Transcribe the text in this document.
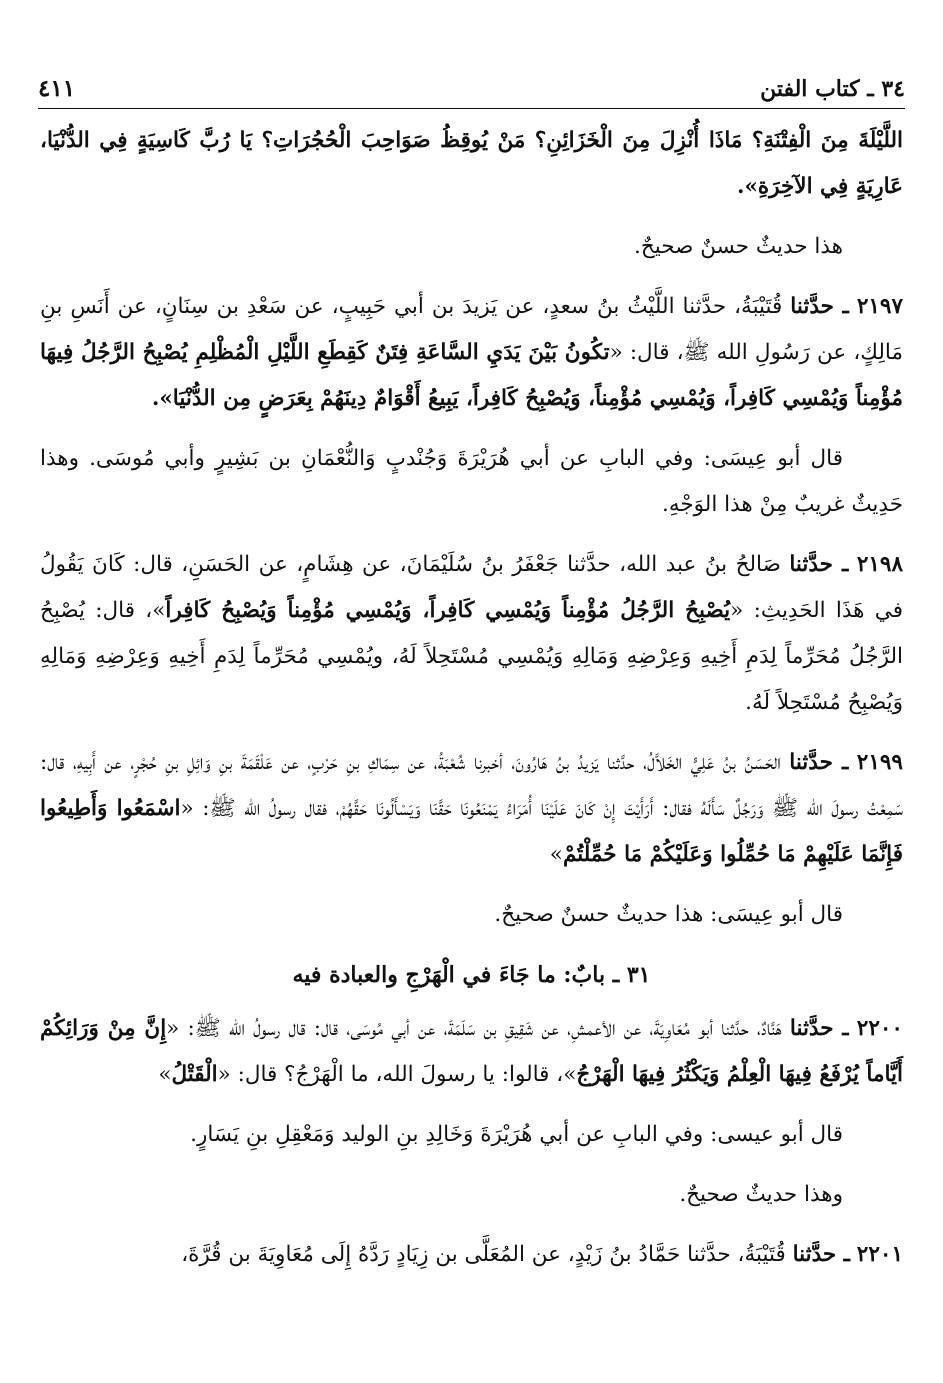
٣٤ ـ كتاب الفتن
٤١١

اللَّيْلَةَ مِنَ الْفِتْنَةِ؟ مَاذَا أُنْزِلَ مِنَ الْخَزَائِنِ؟ مَنْ يُوقِظُ صَوَاحِبَ الْحُجُرَاتِ؟ يَا رُبَّ كَاسِيَةٍ فِي الدُّنْيَا، عَارِيَةٍ فِي الآخِرَةِ».

هذا حديثٌ حسنٌ صحيحٌ.

٢١٩٧ ـ حدَّثنا قُتَيْبَةُ، حدَّثنا اللَّيْثُ بنُ سعدٍ، عن يَزيدَ بن أبي حَبِيبٍ، عن سَعْدِ بن سِنَانٍ، عن أَنَسِ بنِ مَالِكٍ، عن رَسُولِ الله ﷺ، قال: «تكُونُ بَيْنَ يَدَيِ السَّاعَةِ فِتَنٌ كَقِطَعِ اللَّيْلِ الْمُظْلِمِ يُصْبِحُ الرَّجُلُ فِيهَا مُؤْمِناً وَيُمْسِي كَافِراً، وَيُمْسِي مُؤْمِناً، وَيُصْبِحُ كَافِراً، يَبِيعُ أَقْوَامٌ دِينَهُمْ بِعَرَضٍ مِن الدُّنْيَا».

قال أبو عِيسَى: وفي البابِ عن أبي هُرَيْرَةَ وَجُنْدبٍ وَالنُّعْمَانِ بن بَشِيرٍ وأبي مُوسَى. وهذا حَدِيثٌ غريبٌ مِنْ هذا الوَجْهِ.

٢١٩٨ ـ حدَّثنا صَالحُ بنُ عبد الله، حدَّثنا جَعْفَرُ بنُ سُلَيْمَانَ، عن هِشَامٍ، عن الحَسَنِ، قال: كَانَ يَقُولُ في هَذَا الحَدِيثِ: «يُصْبِحُ الرَّجُلُ مُؤْمِناً وَيُمْسِي كَافِراً، وَيُمْسِي مُؤْمِناً وَيُصْبِحُ كَافِراً»، قال: يُصْبِحُ الرَّجُلُ مُحَرِّماً لِدَمِ أَخِيهِ وَعِرْضِهِ وَمَالِهِ وَيُمْسِي مُسْتَحِلاً لَهُ، ويُمْسِي مُحَرِّماً لِدَمِ أَخِيهِ وَعِرْضِهِ وَمَالِهِ وَيُصْبِحُ مُسْتَحِلاً لَهُ.

٢١٩٩ ـ حدَّثنا الحَسَنُ بنُ عَلِيٍّ الخَلاَّلُ، حدَّثنا يَزيدُ بنُ هَارُونَ، أخبرنا شُعْبَةُ، عن سِمَاكِ بنِ حَرْبٍ، عن عَلْقَمَةَ بنِ وَائِلِ بنِ حُجْرٍ، عن أَبِيهِ، قال: سَمِعْتُ رسولَ الله ﷺ وَرَجُلٌ سَأَلَهُ فقال: أَرَأَيْتَ إِنْ كَانَ عَلَيْنَا أُمَرَاءُ يَمْنَعُونَا حَقَّنَا وَيَسْأَلُونَا حَقَّهُمْ، فقال رسولُ الله ﷺ: «اسْمَعُوا وَأَطِيعُوا فَإِنَّمَا عَلَيْهِمْ مَا حُمِّلُوا وَعَلَيْكُمْ مَا حُمِّلْتُمْ»

قال أبو عِيسَى: هذا حديثٌ حسنٌ صحيحٌ.

٣١ ـ بابٌ: ما جَاءَ في الْهَرْجِ والعبادة فيه

٢٢٠٠ ـ حدَّثنا هَنَّادٌ، حدَّثنا أبو مُعَاوِيَةَ، عن الأعمشِ، عن شَقِيقِ بن سَلَمَةَ، عن أبي مُوسَى، قال: قال رسولُ الله ﷺ: «إِنَّ مِنْ وَرَائِكُمْ أَيَّاماً يُرْفَعُ فِيهَا الْعِلْمُ وَيَكْثُرُ فِيهَا الْهَرْجُ»، قالوا: يا رسولَ الله، ما الْهَرْجُ؟ قال: «الْقَتْلُ»

قال أبو عيسى: وفي البابِ عن أبي هُرَيْرَةَ وَخَالِدِ بنِ الوليد وَمَعْقِلِ بنِ يَسَارٍ.

وهذا حديثٌ صحيحٌ.

٢٢٠١ ـ حدَّثنا قُتَيْبَةُ، حدَّثنا حَمَّادُ بنُ زَيْدٍ، عن المُعَلَّى بن زِيَادٍ رَدَّهُ إِلَى مُعَاوِيَةَ بن قُرَّةَ،
